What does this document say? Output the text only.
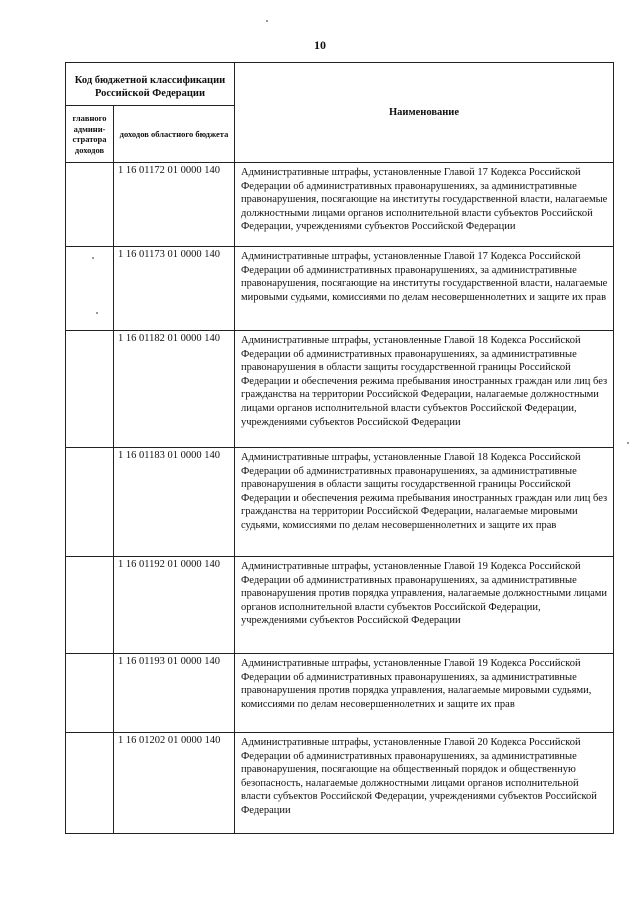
10
Код бюджетной классификации Российской Федерации		Наименование
главного админи-стратора доходов	доходов областного бюджета	
	1 16 01172 01 0000 140	Административные штрафы, установленные Главой 17 Кодекса Российской Федерации об административных правонарушениях, за административные правонарушения, посягающие на институты государственной власти, налагаемые должностными лицами органов исполнительной власти субъектов Российской Федерации, учреждениями субъектов Российской Федерации
	1 16 01173 01 0000 140	Административные штрафы, установленные Главой 17 Кодекса Российской Федерации об административных правонарушениях, за административные правонарушения, посягающие на институты государственной власти, налагаемые мировыми судьями, комиссиями по делам несовершеннолетних и защите их прав
	1 16 01182 01 0000 140	Административные штрафы, установленные Главой 18 Кодекса Российской Федерации об административных правонарушениях, за административные правонарушения в области защиты государственной границы Российской Федерации и обеспечения режима пребывания иностранных граждан или лиц без гражданства на территории Российской Федерации, налагаемые должностными лицами органов исполнительной власти субъектов Российской Федерации, учреждениями субъектов Российской Федерации
	1 16 01183 01 0000 140	Административные штрафы, установленные Главой 18 Кодекса Российской Федерации об административных правонарушениях, за административные правонарушения в области защиты государственной границы Российской Федерации и обеспечения режима пребывания иностранных граждан или лиц без гражданства на территории Российской Федерации, налагаемые мировыми судьями, комиссиями по делам несовершеннолетних и защите их прав
	1 16 01192 01 0000 140	Административные штрафы, установленные Главой 19 Кодекса Российской Федерации об административных правонарушениях, за административные правонарушения против порядка управления, налагаемые должностными лицами органов исполнительной власти субъектов Российской Федерации, учреждениями субъектов Российской Федерации
	1 16 01193 01 0000 140	Административные штрафы, установленные Главой 19 Кодекса Российской Федерации об административных правонарушениях, за административные правонарушения против порядка управления, налагаемые мировыми судьями, комиссиями по делам несовершеннолетних и защите их прав
	1 16 01202 01 0000 140	Административные штрафы, установленные Главой 20 Кодекса Российской Федерации об административных правонарушениях, за административные правонарушения, посягающие на общественный порядок и общественную безопасность, налагаемые должностными лицами органов исполнительной власти субъектов Российской Федерации, учреждениями субъектов Российской Федерации
